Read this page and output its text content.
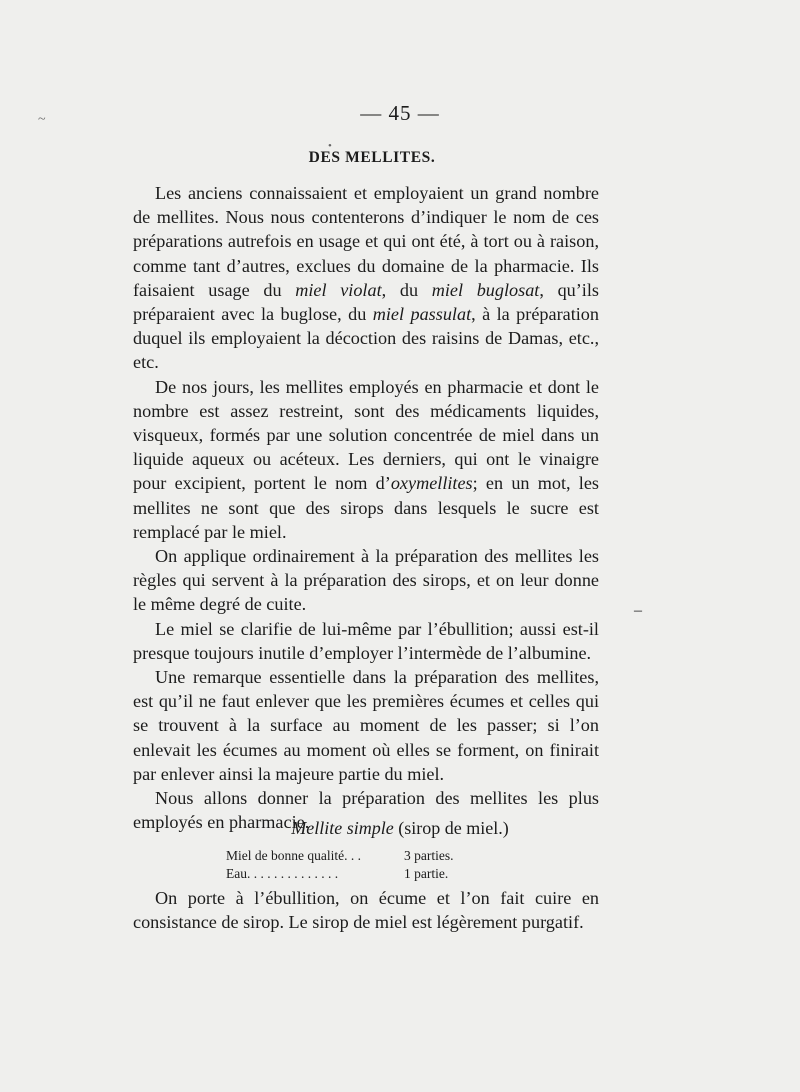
~
•
–
— 45 —
DES MELLITES.

Les anciens connaissaient et employaient un grand nombre de mellites. Nous nous contenterons d’indiquer le nom de ces préparations autrefois en usage et qui ont été, à tort ou à raison, comme tant d’autres, exclues du domaine de la pharmacie. Ils faisaient usage du miel violat, du miel buglosat, qu’ils préparaient avec la buglose, du miel passulat, à la préparation duquel ils employaient la décoction des raisins de Damas, etc., etc.

De nos jours, les mellites employés en pharmacie et dont le nombre est assez restreint, sont des médicaments liquides, visqueux, formés par une solution concentrée de miel dans un liquide aqueux ou acéteux. Les derniers, qui ont le vinaigre pour excipient, portent le nom d’oxymellites; en un mot, les mellites ne sont que des sirops dans lesquels le sucre est remplacé par le miel.

On applique ordinairement à la préparation des mellites les règles qui servent à la préparation des sirops, et on leur donne le même degré de cuite.

Le miel se clarifie de lui-même par l’ébullition; aussi est-il presque toujours inutile d’employer l’intermède de l’albumine.

Une remarque essentielle dans la préparation des mellites, est qu’il ne faut enlever que les premières écumes et celles qui se trouvent à la surface au moment de les passer; si l’on enlevait les écumes au moment où elles se forment, on finirait par enlever ainsi la majeure partie du miel.

Nous allons donner la préparation des mellites les plus employés en pharmacie.

Mellite simple (sirop de miel.)
Miel de bonne qualité. . .	3 parties.
Eau. . . . . . . . . . . . . .	1 partie.

On porte à l’ébullition, on écume et l’on fait cuire en consistance de sirop. Le sirop de miel est légèrement purgatif.
